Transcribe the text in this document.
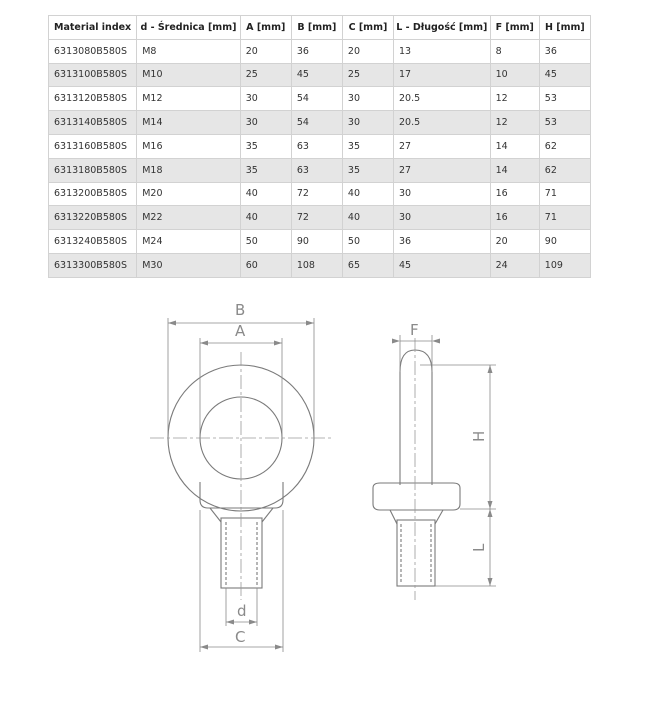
Material index	d - Średnica [mm]	A [mm]	B [mm]	C [mm]	L - Długość [mm]	F [mm]	H [mm]
6313080B580S	M8	20	36	20	13	8	36
6313100B580S	M10	25	45	25	17	10	45
6313120B580S	M12	30	54	30	20.5	12	53
6313140B580S	M14	30	54	30	20.5	12	53
6313160B580S	M16	35	63	35	27	14	62
6313180B580S	M18	35	63	35	27	14	62
6313200B580S	M20	40	72	40	30	16	71
6313220B580S	M22	40	72	40	30	16	71
6313240B580S	M24	50	90	50	36	20	90
6313300B580S	M30	60	108	65	45	24	109
B
A
d
C
F
H
L
